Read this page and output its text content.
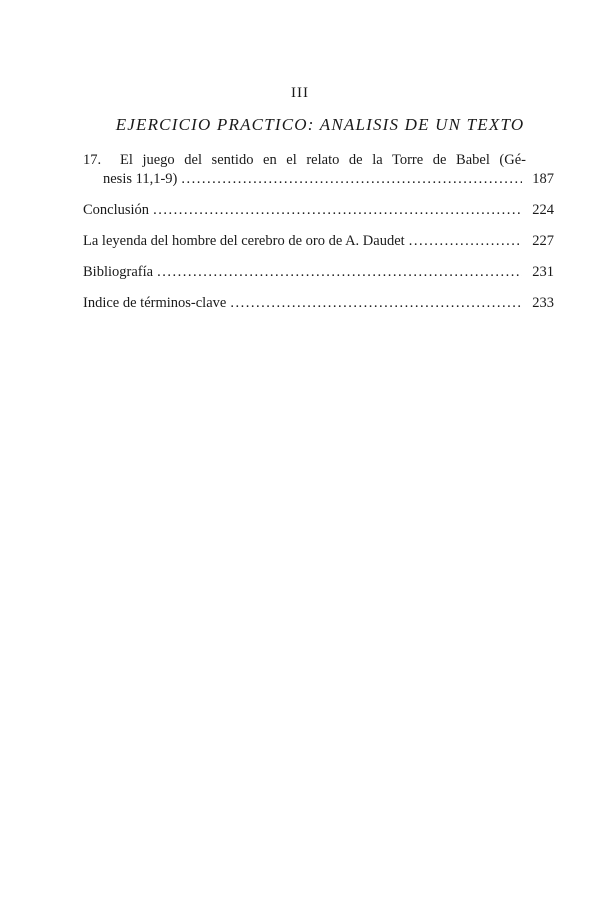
III
EJERCICIO PRACTICO: ANALISIS DE UN TEXTO
17.	El juego del sentido en el relato de la Torre de Babel (Gé-
nesis 11,1-9) .....	187
Conclusión .....	224
La leyenda del hombre del cerebro de oro de A. Daudet .....	227
Bibliografía .....	231
Indice de términos-clave .....	233
